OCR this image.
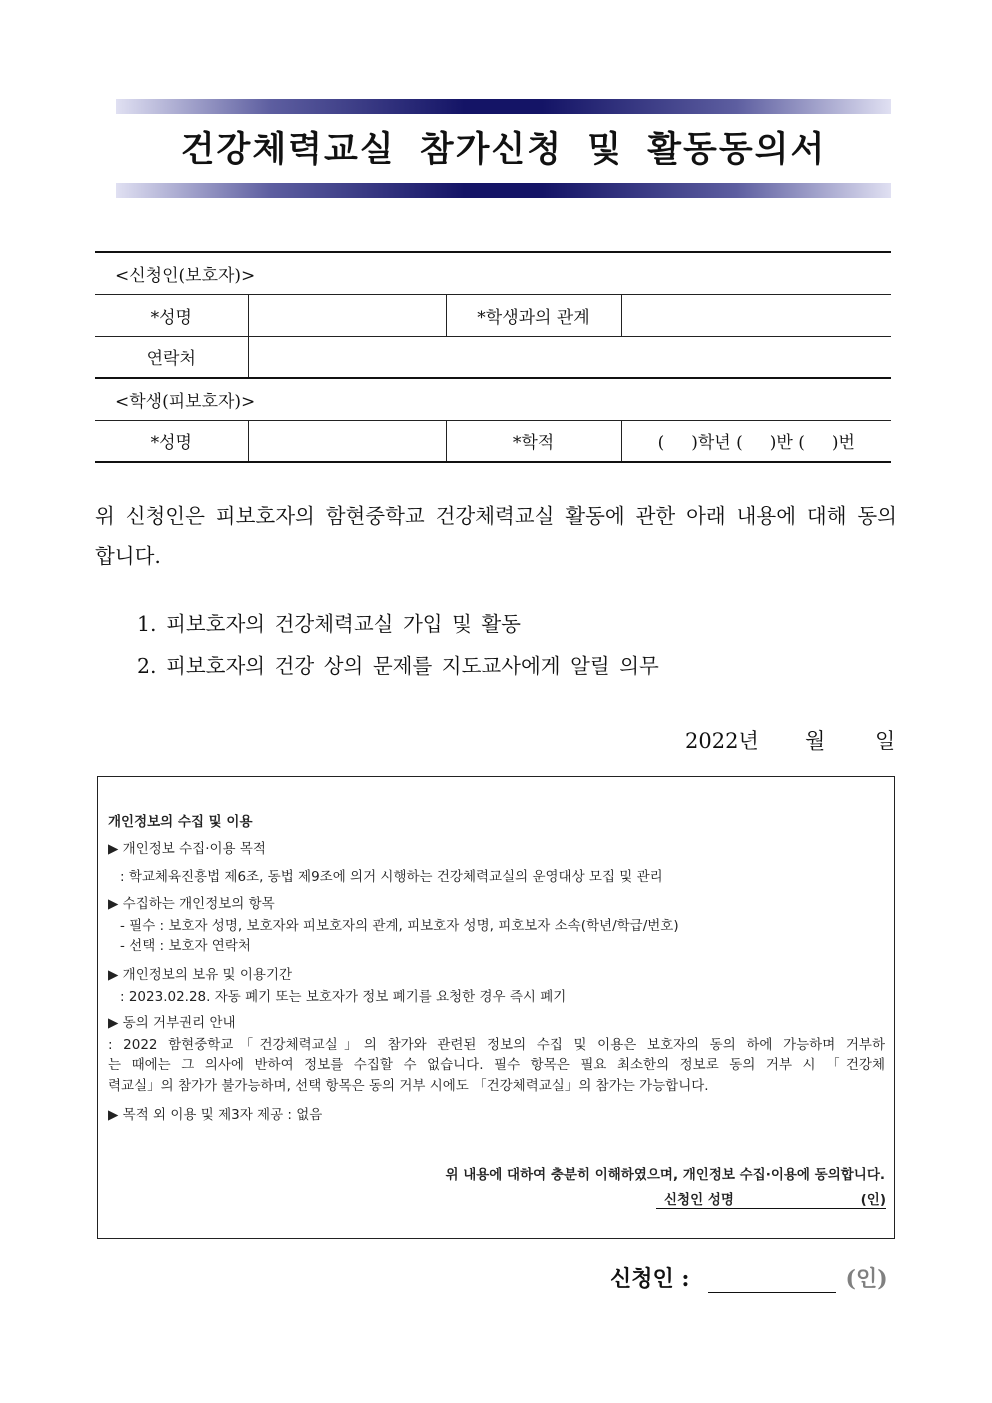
건강체력교실 참가신청 및 활동동의서
<신청인(보호자)>			
*성명		*학생과의 관계	
연락처			
<학생(피보호자)>			
*성명		*학적	(     )학년 (     )반 (     )번
위 신청인은 피보호자의 함현중학교 건강체력교실 활동에 관한 아래 내용에 대해 동의합니다.
1. 피보호자의 건강체력교실 가입 및 활동
2. 피보호자의 건강 상의 문제를 지도교사에게 알릴 의무
2022년 월 일
개인정보의 수집 및 이용
▶ 개인정보 수집·이용 목적
: 학교체육진흥법 제6조, 동법 제9조에 의거 시행하는 건강체력교실의 운영대상 모집 및 관리
▶ 수집하는 개인정보의 항목
- 필수 : 보호자 성명, 보호자와 피보호자의 관계, 피보호자 성명, 피호보자 소속(학년/학급/번호)
- 선택 : 보호자 연락처
▶ 개인정보의 보유 및 이용기간
: 2023.02.28. 자동 폐기 또는 보호자가 정보 폐기를 요청한 경우 즉시 폐기
▶ 동의 거부권리 안내
: 2022 함현중학교「건강체력교실」의 참가와 관련된 정보의 수집 및 이용은 보호자의 동의 하에 가능하며 거부하
는 때에는 그 의사에 반하여 정보를 수집할 수 없습니다. 필수 항목은 필요 최소한의 정보로 동의 거부 시 「건강체
력교실」의 참가가 불가능하며, 선택 항목은 동의 거부 시에도 「건강체력교실」의 참가는 가능합니다.
▶ 목적 외 이용 및 제3자 제공 : 없음
위 내용에 대하여 충분히 이해하였으며, 개인정보 수집·이용에 동의합니다.
신청인 성명	(인)
신청인 :	(인)
